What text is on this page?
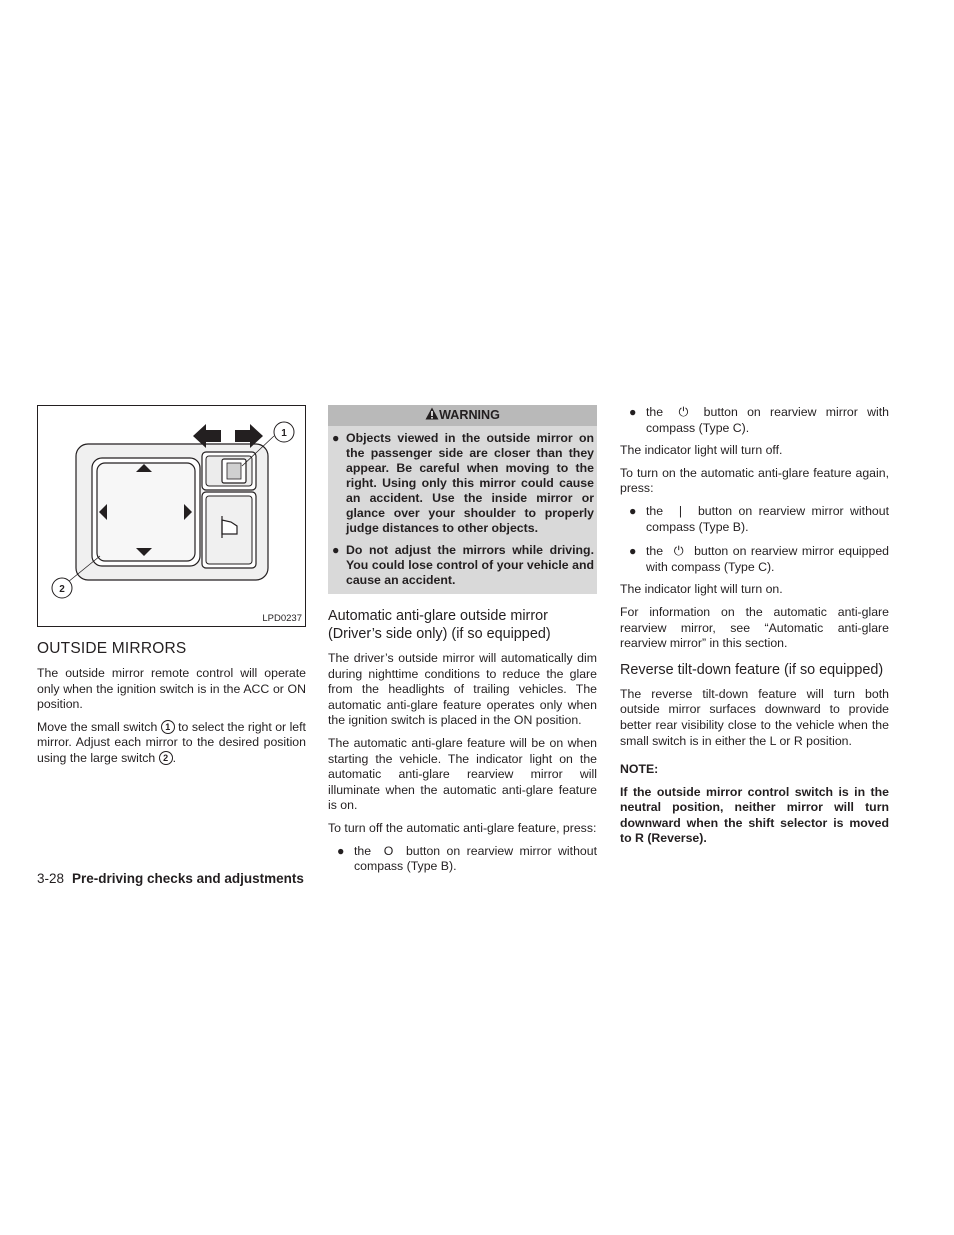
1
2
LPD0237
OUTSIDE MIRRORS

The outside mirror remote control will operate only when the ignition switch is in the ACC or ON position.

Move the small switch 1 to select the right or left mirror. Adjust each mirror to the desired position using the large switch 2 .

WARNING
● Objects viewed in the outside mirror on the passenger side are closer than they appear. Be careful when moving to the right. Using only this mirror could cause an accident. Use the inside mirror or glance over your shoulder to properly judge distances to other objects.
● Do not adjust the mirrors while driving. You could lose control of your vehicle and cause an accident.
Automatic anti-glare outside mirror (Driver’s side only) (if so equipped)

The driver’s outside mirror will automatically dim during nighttime conditions to reduce the glare from the headlights of trailing vehicles. The automatic anti-glare feature operates only when the ignition switch is placed in the ON position.

The automatic anti-glare feature will be on when starting the vehicle. The indicator light on the automatic anti-glare rearview mirror will illuminate when the automatic anti-glare feature is on.

To turn off the automatic anti-glare feature, press:

● the O button on rearview mirror without compass (Type B).

● the ⏻ button on rearview mirror with compass (Type C).

The indicator light will turn off.

To turn on the automatic anti-glare feature again, press:

● the | button on rearview mirror without compass (Type B).

● the ⏻ button on rearview mirror equipped with compass (Type C).

The indicator light will turn on.

For information on the automatic anti-glare rearview mirror, see “Automatic anti-glare rearview mirror” in this section.

Reverse tilt-down feature (if so equipped)

The reverse tilt-down feature will turn both outside mirror surfaces downward to provide better rear visibility close to the vehicle when the small switch is in either the L or R position.

NOTE:

If the outside mirror control switch is in the neutral position, neither mirror will turn downward when the shift selector is moved to R (Reverse).

3-28 Pre-driving checks and adjustments
